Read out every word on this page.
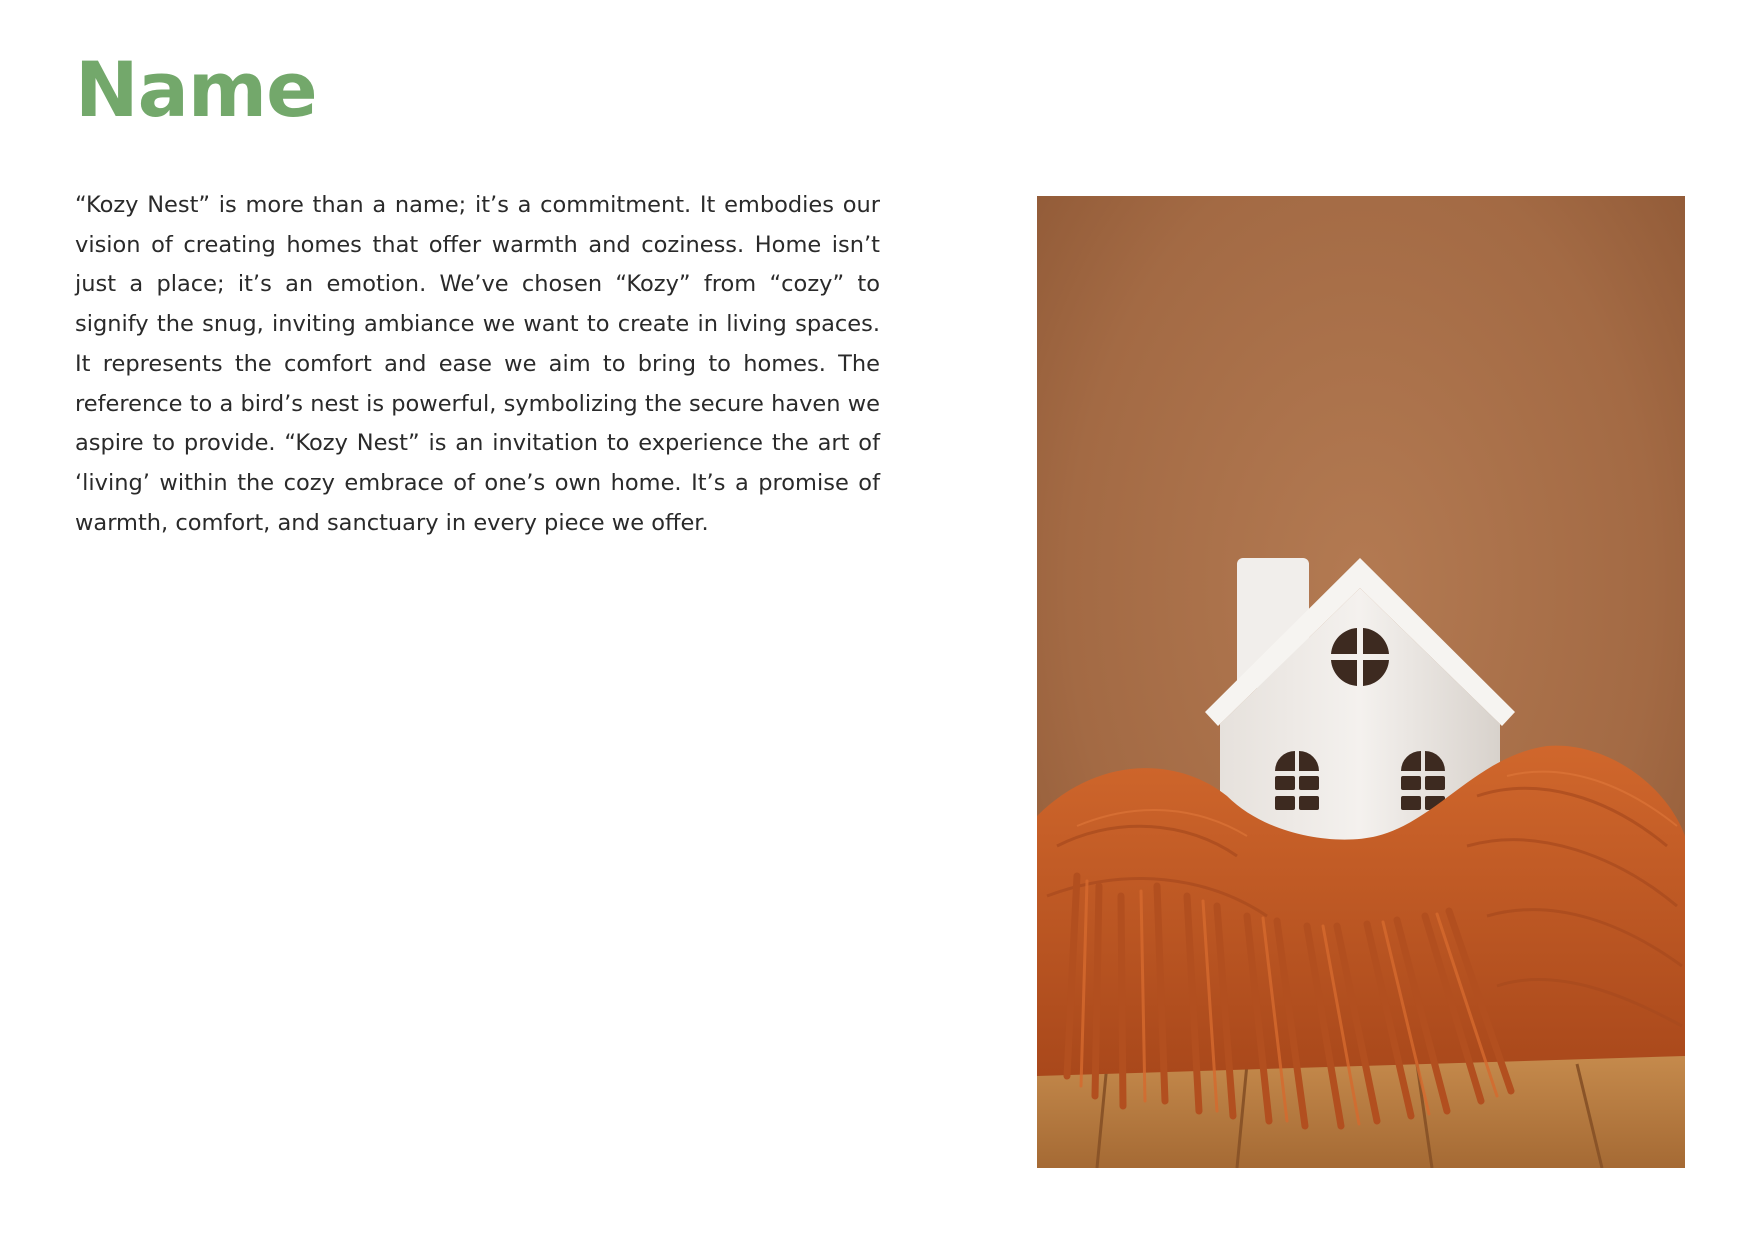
Name

“Kozy Nest” is more than a name; it’s a commitment. It embodies our vision of creating homes that offer warmth and coziness. Home isn’t just a place; it’s an emotion. We’ve chosen “Kozy” from “cozy” to signify the snug, inviting ambiance we want to create in living spaces. It represents the comfort and ease we aim to bring to homes. The reference to a bird’s nest is powerful, symbolizing the secure haven we aspire to provide. “Kozy Nest” is an invitation to experience the art of ‘living’ within the cozy embrace of one’s own home. It’s a promise of warmth, comfort, and sanctuary in every piece we offer.
